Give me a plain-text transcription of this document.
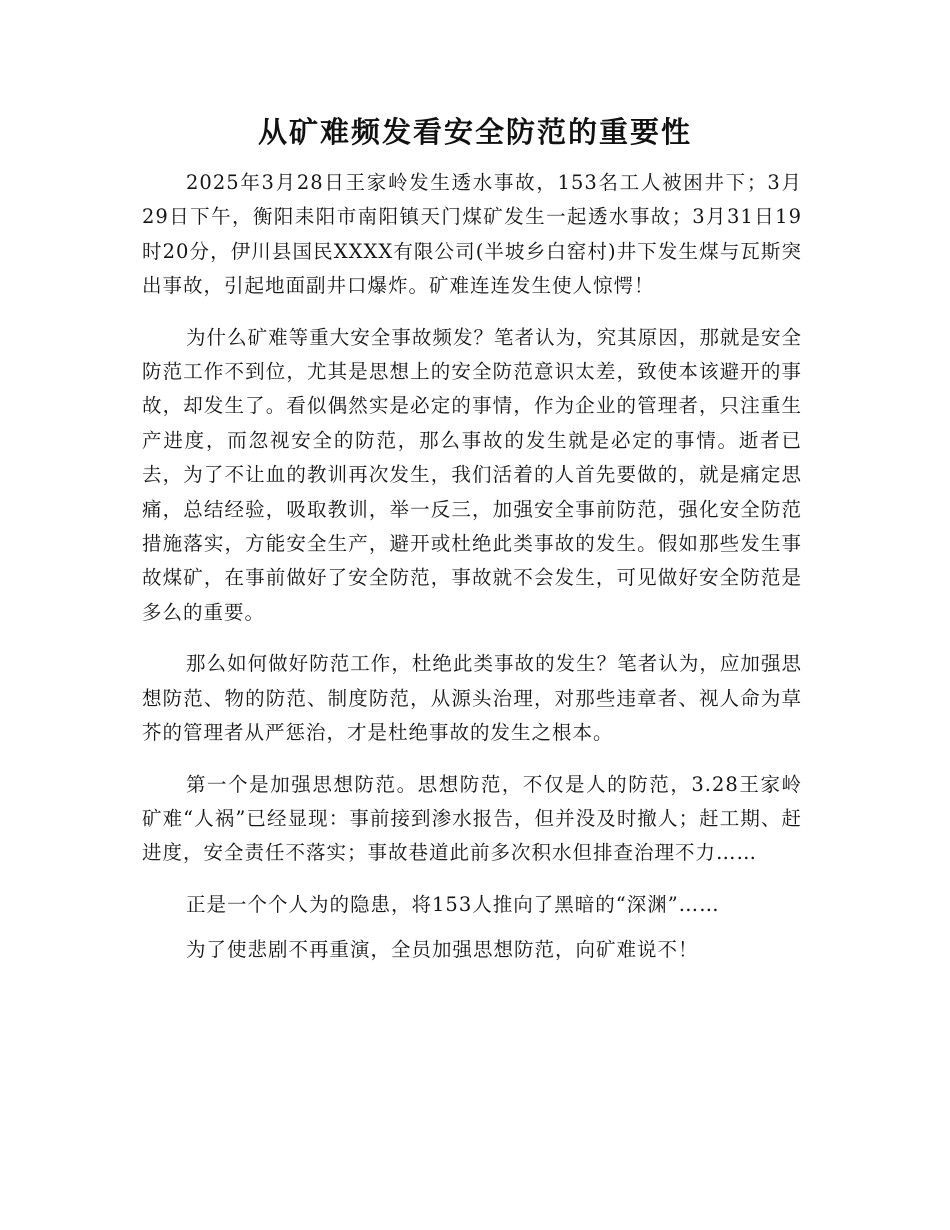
从矿难频发看安全防范的重要性

2025年3月28日王家岭发生透水事故，153名工人被困井下；3月29日下午，衡阳耒阳市南阳镇天门煤矿发生一起透水事故；3月31日19时20分，伊川县国民XXXX有限公司(半坡乡白窑村)井下发生煤与瓦斯突出事故，引起地面副井口爆炸。矿难连连发生使人惊愕！

为什么矿难等重大安全事故频发？笔者认为，究其原因，那就是安全防范工作不到位，尤其是思想上的安全防范意识太差，致使本该避开的事故，却发生了。看似偶然实是必定的事情，作为企业的管理者，只注重生产进度，而忽视安全的防范，那么事故的发生就是必定的事情。逝者已去，为了不让血的教训再次发生，我们活着的人首先要做的，就是痛定思痛，总结经验，吸取教训，举一反三，加强安全事前防范，强化安全防范措施落实，方能安全生产，避开或杜绝此类事故的发生。假如那些发生事故煤矿，在事前做好了安全防范，事故就不会发生，可见做好安全防范是多么的重要。

那么如何做好防范工作，杜绝此类事故的发生？笔者认为，应加强思想防范、物的防范、制度防范，从源头治理，对那些违章者、视人命为草芥的管理者从严惩治，才是杜绝事故的发生之根本。

第一个是加强思想防范。思想防范，不仅是人的防范，3.28王家岭矿难“人祸”已经显现：事前接到渗水报告，但并没及时撤人；赶工期、赶进度，安全责任不落实；事故巷道此前多次积水但排查治理不力……

正是一个个人为的隐患，将153人推向了黑暗的“深渊”……

为了使悲剧不再重演，全员加强思想防范，向矿难说不！
